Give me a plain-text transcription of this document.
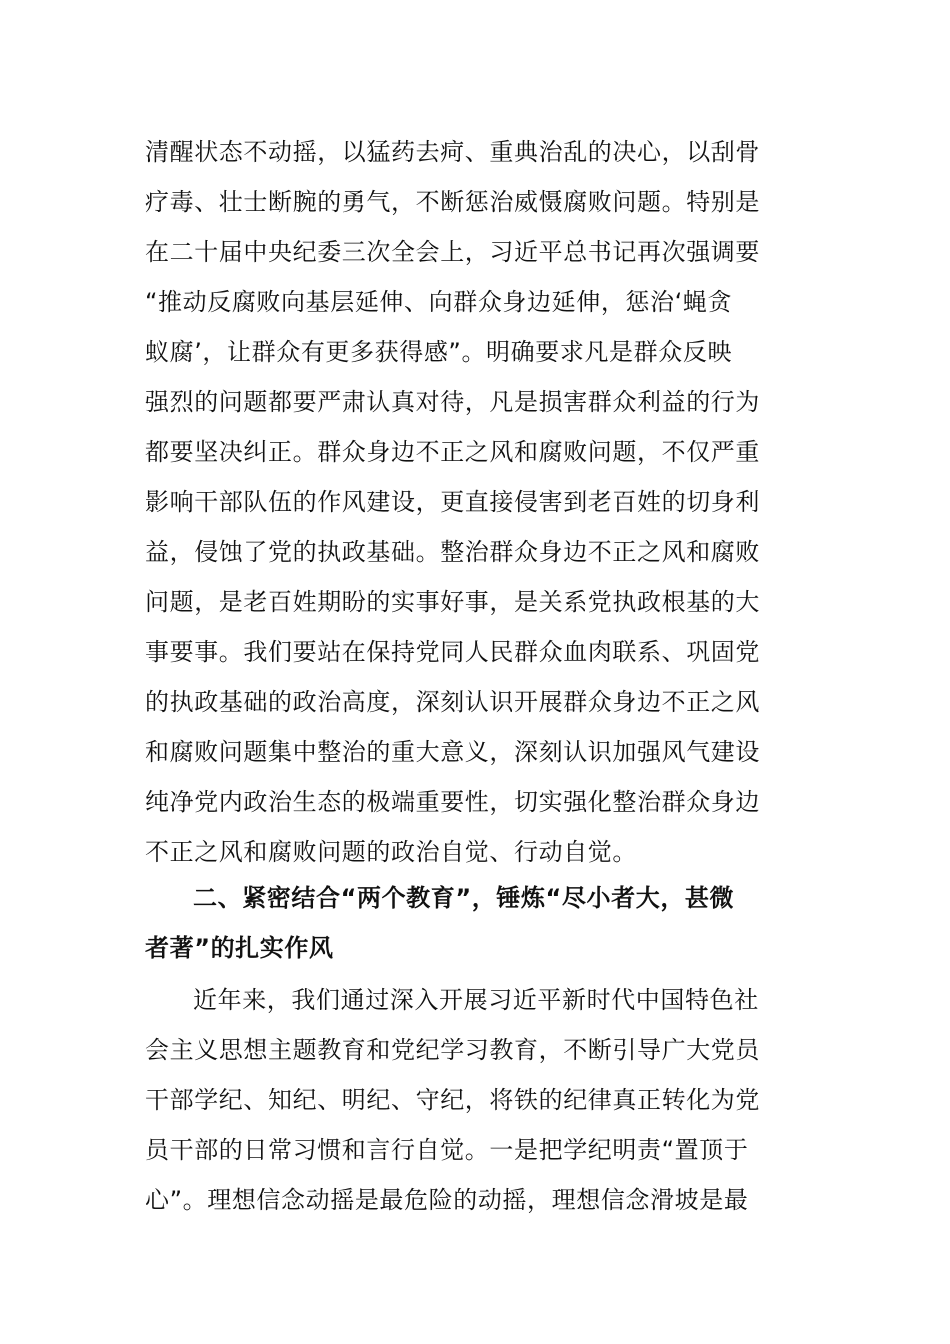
清醒状态不动摇，以猛药去疴、重典治乱的决心，以刮骨
疗毒、壮士断腕的勇气，不断惩治威慑腐败问题。特别是
在二十届中央纪委三次全会上，习近平总书记再次强调要
“推动反腐败向基层延伸、向群众身边延伸，惩治‘蝇贪
蚁腐’，让群众有更多获得感”。明确要求凡是群众反映
强烈的问题都要严肃认真对待，凡是损害群众利益的行为
都要坚决纠正。群众身边不正之风和腐败问题，不仅严重
影响干部队伍的作风建设，更直接侵害到老百姓的切身利
益，侵蚀了党的执政基础。整治群众身边不正之风和腐败
问题，是老百姓期盼的实事好事，是关系党执政根基的大
事要事。我们要站在保持党同人民群众血肉联系、巩固党
的执政基础的政治高度，深刻认识开展群众身边不正之风
和腐败问题集中整治的重大意义，深刻认识加强风气建设
纯净党内政治生态的极端重要性，切实强化整治群众身边
不正之风和腐败问题的政治自觉、行动自觉。
二、紧密结合“两个教育”，锤炼“尽小者大，甚微
者著”的扎实作风
近年来，我们通过深入开展习近平新时代中国特色社
会主义思想主题教育和党纪学习教育，不断引导广大党员
干部学纪、知纪、明纪、守纪，将铁的纪律真正转化为党
员干部的日常习惯和言行自觉。一是把学纪明责“置顶于
心”。理想信念动摇是最危险的动摇，理想信念滑坡是最
